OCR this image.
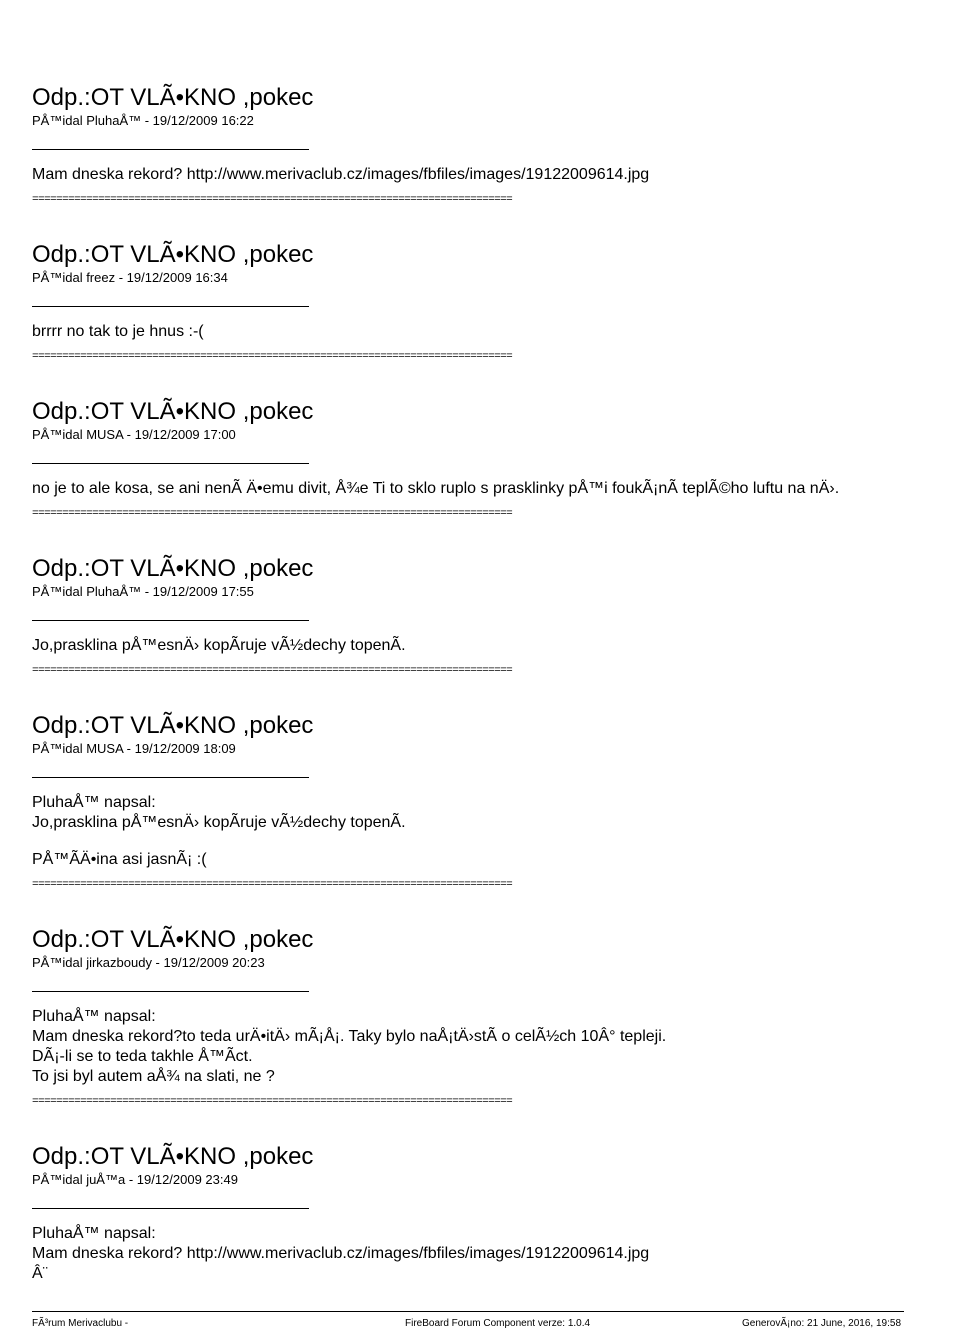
Odp.:OT VLÃ•KNO ,pokec
PÅ™idal PluhaÅ™ - 19/12/2009 16:22
Mam dneska rekord? http://www.merivaclub.cz/images/fbfiles/images/19122009614.jpg
================================================================================
Odp.:OT VLÃ•KNO ,pokec
PÅ™idal freez - 19/12/2009 16:34
brrrr no tak to je hnus :-(
================================================================================
Odp.:OT VLÃ•KNO ,pokec
PÅ™idal MUSA - 19/12/2009 17:00
no je to ale kosa, se ani nenÃ Ä•emu divit, Å¾e Ti to sklo ruplo s prasklinky pÅ™i foukÃ¡nÃ teplÃ©ho luftu na nÄ›.
================================================================================
Odp.:OT VLÃ•KNO ,pokec
PÅ™idal PluhaÅ™ - 19/12/2009 17:55
Jo,prasklina pÅ™esnÄ› kopÃruje vÃ½dechy topenÃ.
================================================================================
Odp.:OT VLÃ•KNO ,pokec
PÅ™idal MUSA - 19/12/2009 18:09
PluhaÅ™ napsal:
Jo,prasklina pÅ™esnÄ› kopÃruje vÃ½dechy topenÃ.
PÅ™ÃÄ•ina asi jasnÃ¡ :(
================================================================================
Odp.:OT VLÃ•KNO ,pokec
PÅ™idal jirkazboudy - 19/12/2009 20:23
PluhaÅ™ napsal:
Mam dneska rekord?to teda urÄ•itÄ› mÃ¡Å¡. Taky bylo naÅ¡tÄ›stÃ o celÃ½ch 10Â° tepleji.
DÃ¡-li se to teda takhle Å™Ãct.
To jsi byl autem aÅ¾ na slati, ne ?
================================================================================
Odp.:OT VLÃ•KNO ,pokec
PÅ™idal juÅ™a - 19/12/2009 23:49
PluhaÅ™ napsal:
Mam dneska rekord? http://www.merivaclub.cz/images/fbfiles/images/19122009614.jpg
Â¨
FÃ³rum Merivaclubu -	FireBoard Forum Component verze: 1.0.4	GenerovÃ¡no: 21 June, 2016, 19:58
